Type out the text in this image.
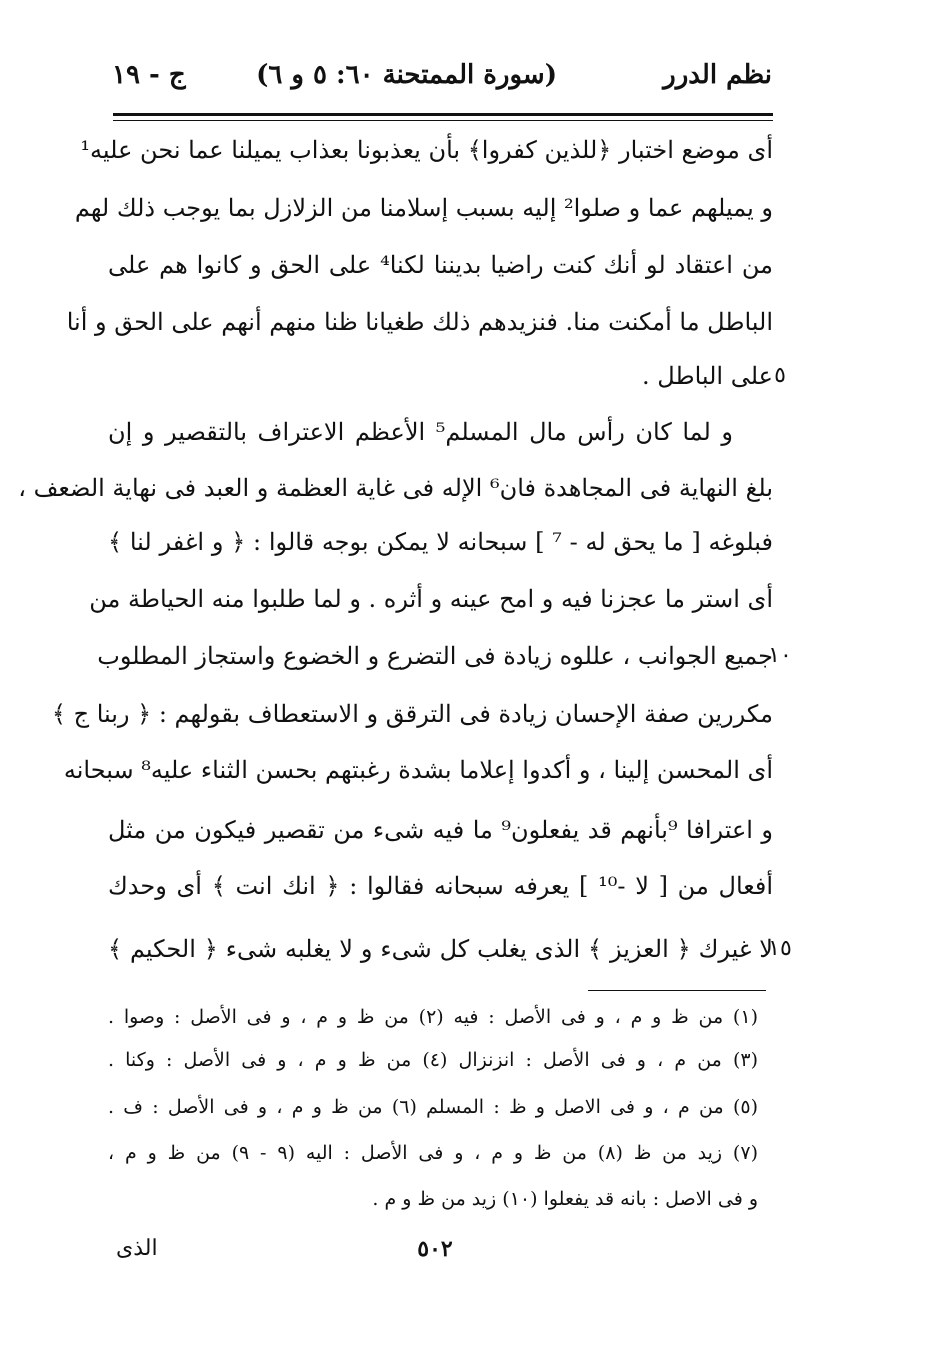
نظم الدرر
(سورة الممتحنة ٦٠: ٥ و ٦)
ج - ١٩
أى موضع اختبار ﴿للذين كفروا﴾ بأن يعذبونا بعذاب يميلنا عما نحن عليه¹
و يميلهم عما و صلوا² إليه بسبب إسلامنا من الزلازل بما يوجب ذلك لهم
من اعتقاد لو أنك كنت راضيا بديننا لكنا⁴ على الحق و كانوا هم على
الباطل ما أمكنت منا. فنزيدهم ذلك طغيانا ظنا منهم أنهم على الحق و أنا
على الباطل . ٥
و لما كان رأس مال المسلم⁵ الأعظم الاعتراف بالتقصير و إن
بلغ النهاية فى المجاهدة فان⁶ الإله فى غاية العظمة و العبد فى نهاية الضعف ،
فبلوغه [ ما يحق له - ⁷ ] سبحانه لا يمكن بوجه قالوا : ﴿ و اغفر لنا ﴾
أى استر ما عجزنا فيه و امح عينه و أثره . و لما طلبوا منه الحياطة من
جميع الجوانب ، عللوه زيادة فى التضرع و الخضوع واستجاز المطلوب
١٠
مكررين صفة الإحسان زيادة فى الترقق و الاستعطاف بقولهم : ﴿ ربنا ج ﴾
أى المحسن إلينا ، و أكدوا إعلاما بشدة رغبتهم بحسن الثناء عليه⁸ سبحانه
و اعترافا ⁹بأنهم قد يفعلون⁹ ما فيه شىء من تقصير فيكون من مثل
أفعال من [ لا -¹⁰ ] يعرفه سبحانه فقالوا : ﴿ انك انت ﴾ أى وحدك
لا غيرك ﴿ العزيز ﴾ الذى يغلب كل شىء و لا يغلبه شىء ﴿ الحكيم ﴾
١٥
(١) من ظ و م ، و فى الأصل : فيه (٢) من ظ و م ، و فى الأصل : وصوا .
(٣) من م ، و فى الأصل : انزنزال (٤) من ظ و م ، و فى الأصل : وكنا .
(٥) من م ، و فى الاصل و ظ : المسلم (٦) من ظ و م ، و فى الأصل : ف .
(٧) زيد من ظ (٨) من ظ و م ، و فى الأصل : اليه (٩ - ٩) من ظ و م ،
و فى الاصل : بانه قد يفعلوا (١٠) زيد من ظ و م .
الذى	٥٠٢
